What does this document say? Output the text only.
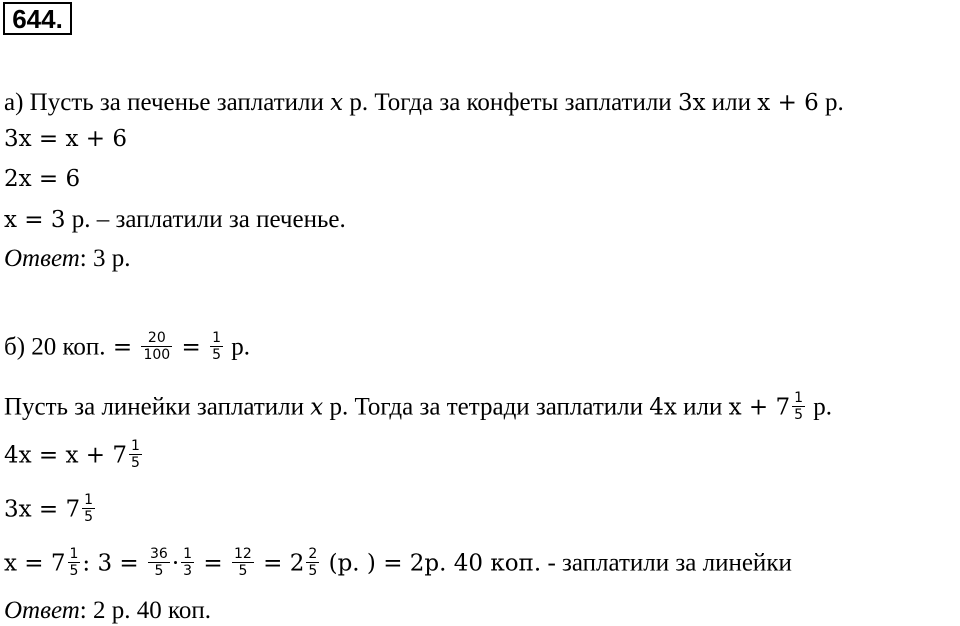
644.
а) Пусть за печенье заплатили x р. Тогда за конфеты заплатили 3x или x + 6 р.
3x = x + 6
2x = 6
x = 3 р. – заплатили за печенье.
Ответ: 3 р.
б) 20 коп. = $\frac{20}{100} = \frac{1}{5} р$.
Пусть за линейки заплатили x р. Тогда за тетради заплатили 4x или $x + 7 \frac{1}{5} р$.
$4x = x + 7 \frac{1}{5}$
$3x = 7 \frac{1}{5}$
$x = 7 \frac{1}{5}$ : $3 = \frac{36}{5} \cdot \frac{1}{3} = \frac{12}{5} = 2 \frac{2}{5} (р$. ) = 2р. 40 коп. - заплатили за линейки
Ответ: 2 р. 40 коп.
